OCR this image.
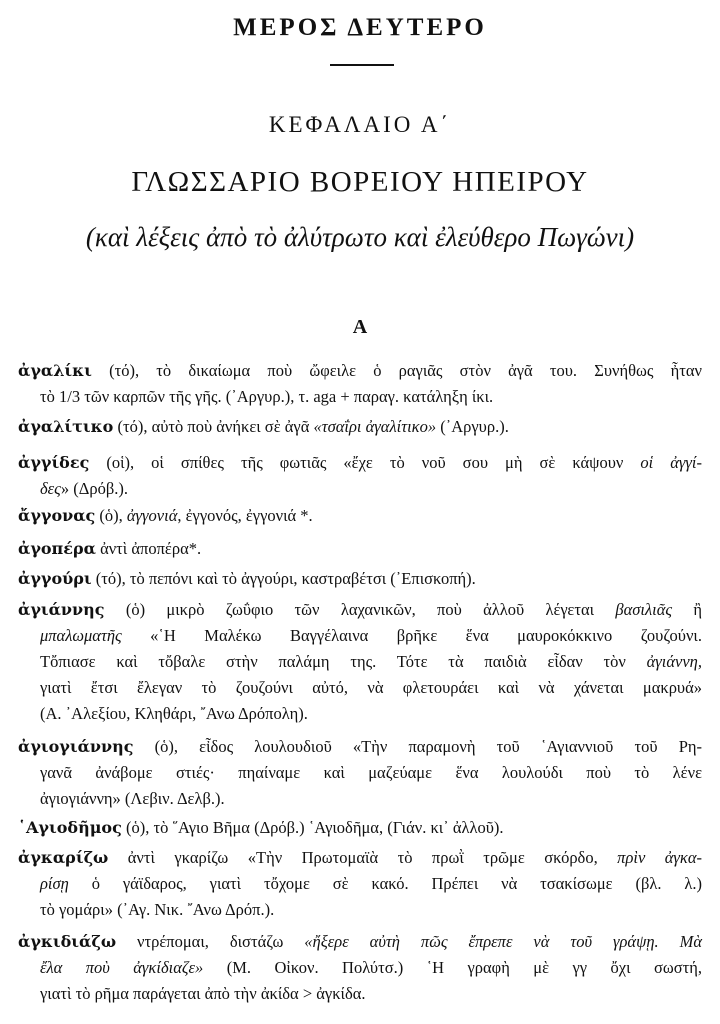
ΜΕΡΟΣ ΔΕΥΤΕΡΟ
ΚΕΦΑΛΑΙΟ Α΄
ΓΛΩΣΣΑΡΙΟ ΒΟΡΕΙΟΥ ΗΠΕΙΡΟΥ
(καὶ λέξεις ἀπὸ τὸ ἀλύτρωτο καὶ ἐλεύθερο Πωγώνι)
Α
ἀγαλίκι (τό), τὸ δικαίωμα ποὺ ὤφειλε ὁ ραγιᾶς στὸν ἀγᾶ του. Συνήθως ἦταν
τὸ 1/3 τῶν καρπῶν τῆς γῆς. (᾿Αργυρ.), τ. aga + παραγ. κατάληξη ίκι.
ἀγαλίτικο (τό), αὐτὸ ποὺ ἀνήκει σὲ ἀγᾶ «τσαΐρι ἀγαλίτικο» (᾿Αργυρ.).
ἀγγίδες (οἱ), οἱ σπίθες τῆς φωτιᾶς «ἔχε τὸ νοῦ σου μὴ σὲ κάψουν οἱ ἀγγί-
δες» (Δρόβ.).
ἄγγονας (ὁ), ἀγγονιά, ἐγγονός, ἐγγονιά *.
ἀγοπέρα ἀντὶ ἀποπέρα*.
ἀγγούρι (τό), τὸ πεπόνι καὶ τὸ ἀγγούρι, καστραβέτσι (᾿Επισκοπή).
ἀγιάννης (ὁ) μικρὸ ζωΰφιο τῶν λαχανικῶν, ποὺ ἀλλοῦ λέγεται βασιλιᾶς ἢ
μπαλωματῆς «῾Η Μαλέκω Βαγγέλαινα βρῆκε ἕνα μαυροκόκκινο ζουζούνι.
Τὄπιασε καὶ τὄβαλε στὴν παλάμη της. Τότε τὰ παιδιὰ εἶδαν τὸν ἀγιάννη,
γιατὶ ἔτσι ἔλεγαν τὸ ζουζούνι αὐτό, νὰ φλετουράει καὶ νὰ χάνεται μακρυά»
(Α. ᾿Αλεξίου, Κληθάρι, ῎Ανω Δρόπολη).
ἀγιογιάννης (ὁ), εἶδος λουλουδιοῦ «Τὴν παραμονὴ τοῦ ῾Αγιαννιοῦ τοῦ Ρη-
γανᾶ ἀνάβομε στιές· πηαίναμε καὶ μαζεύαμε ἕνα λουλούδι ποὺ τὸ λένε
ἀγιογιάννη» (Λεβιν. Δελβ.).
῾Αγιοδῆμος (ὁ), τὸ ῞Αγιο Βῆμα (Δρόβ.) ῾Αγιοδῆμα, (Γιάν. κι᾿ ἀλλοῦ).
ἀγκαρίζω ἀντὶ γκαρίζω «Τὴν Πρωτομαϊὰ τὸ πρωῒ τρῶμε σκόρδο, πρὶν ἀγκα-
ρίσῃ ὁ γάϊδαρος, γιατὶ τὄχομε σὲ κακό. Πρέπει νὰ τσακίσωμε (βλ. λ.)
τὸ γομάρι» (᾿Αγ. Νικ. ῎Ανω Δρόπ.).
ἀγκιδιάζω ντρέπομαι, διστάζω «ἤξερε αὐτὴ πῶς ἔπρεπε νὰ τοῦ γράψῃ. Μὰ
ἔλα ποὺ ἀγκίδιαζε» (Μ. Οἰκον. Πολύτσ.) ῾Η γραφὴ μὲ γγ ὄχι σωστή,
γιατὶ τὸ ρῆμα παράγεται ἀπὸ τὴν ἀκίδα > ἀγκίδα.
